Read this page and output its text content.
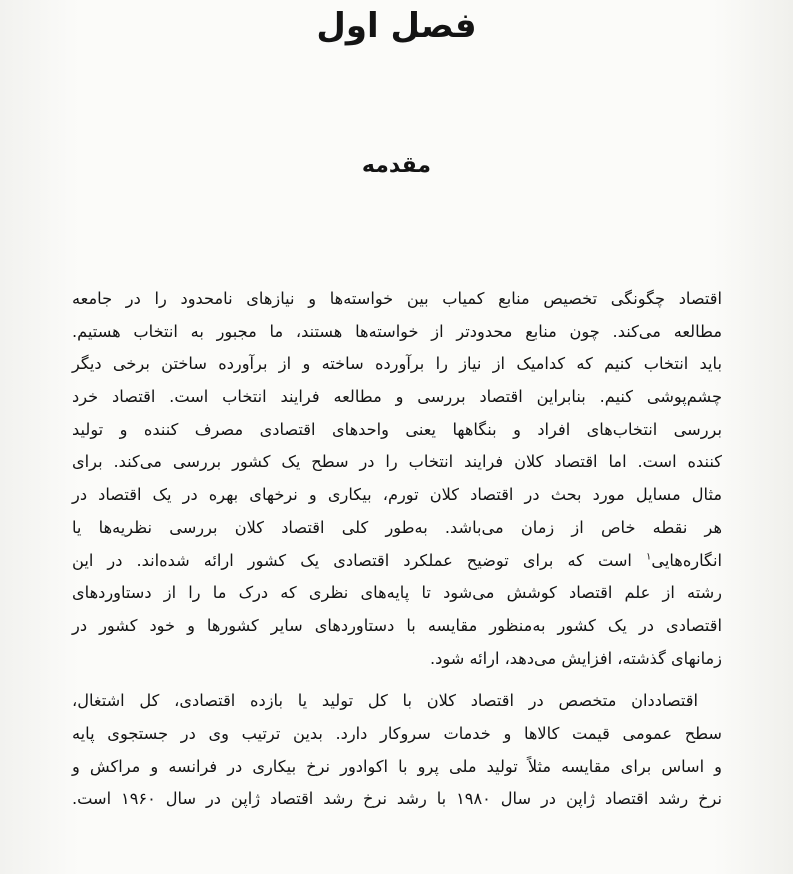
فصل اول
مقدمه
اقتصاد چگونگی تخصیص منابع کمیاب بین خواسته‌ها و نیازهای نامحدود را در جامعه
مطالعه می‌کند. چون منابع محدودتر از خواسته‌ها هستند، ما مجبور به انتخاب هستیم.
باید انتخاب کنیم که کدامیک از نیاز را برآورده ساخته و از برآورده ساختن برخی دیگر
چشم‌پوشی کنیم. بنابراین اقتصاد بررسی و مطالعه فرایند انتخاب است. اقتصاد خرد
بررسی انتخاب‌های افراد و بنگاهها یعنی واحدهای اقتصادی مصرف کننده و تولید
کننده است. اما اقتصاد کلان فرایند انتخاب را در سطح یک کشور بررسی می‌کند. برای
مثال مسایل مورد بحث در اقتصاد کلان تورم، بیکاری و نرخهای بهره در یک اقتصاد در
هر نقطه خاص از زمان می‌باشد. به‌طور کلی اقتصاد کلان بررسی نظریه‌ها یا
انگاره‌هایی$^۱$ است که برای توضیح عملکرد اقتصادی یک کشور ارائه شده‌اند. در این
رشته از علم اقتصاد کوشش می‌شود تا پایه‌های نظری که درک ما را از دستاوردهای
اقتصادی در یک کشور به‌منظور مقایسه با دستاوردهای سایر کشورها و خود کشور در
زمانهای گذشته، افزایش می‌دهد، ارائه شود.
اقتصاددان متخصص در اقتصاد کلان با کل تولید یا بازده اقتصادی، کل اشتغال،
سطح عمومی قیمت کالاها و خدمات سروکار دارد. بدین ترتیب وی در جستجوی پایه
و اساس برای مقایسه مثلاً تولید ملی پرو با اکوادور نرخ بیکاری در فرانسه و مراکش و
نرخ رشد اقتصاد ژاپن در سال ۱۹۸۰ با رشد نرخ رشد اقتصاد ژاپن در سال ۱۹۶۰ است.
